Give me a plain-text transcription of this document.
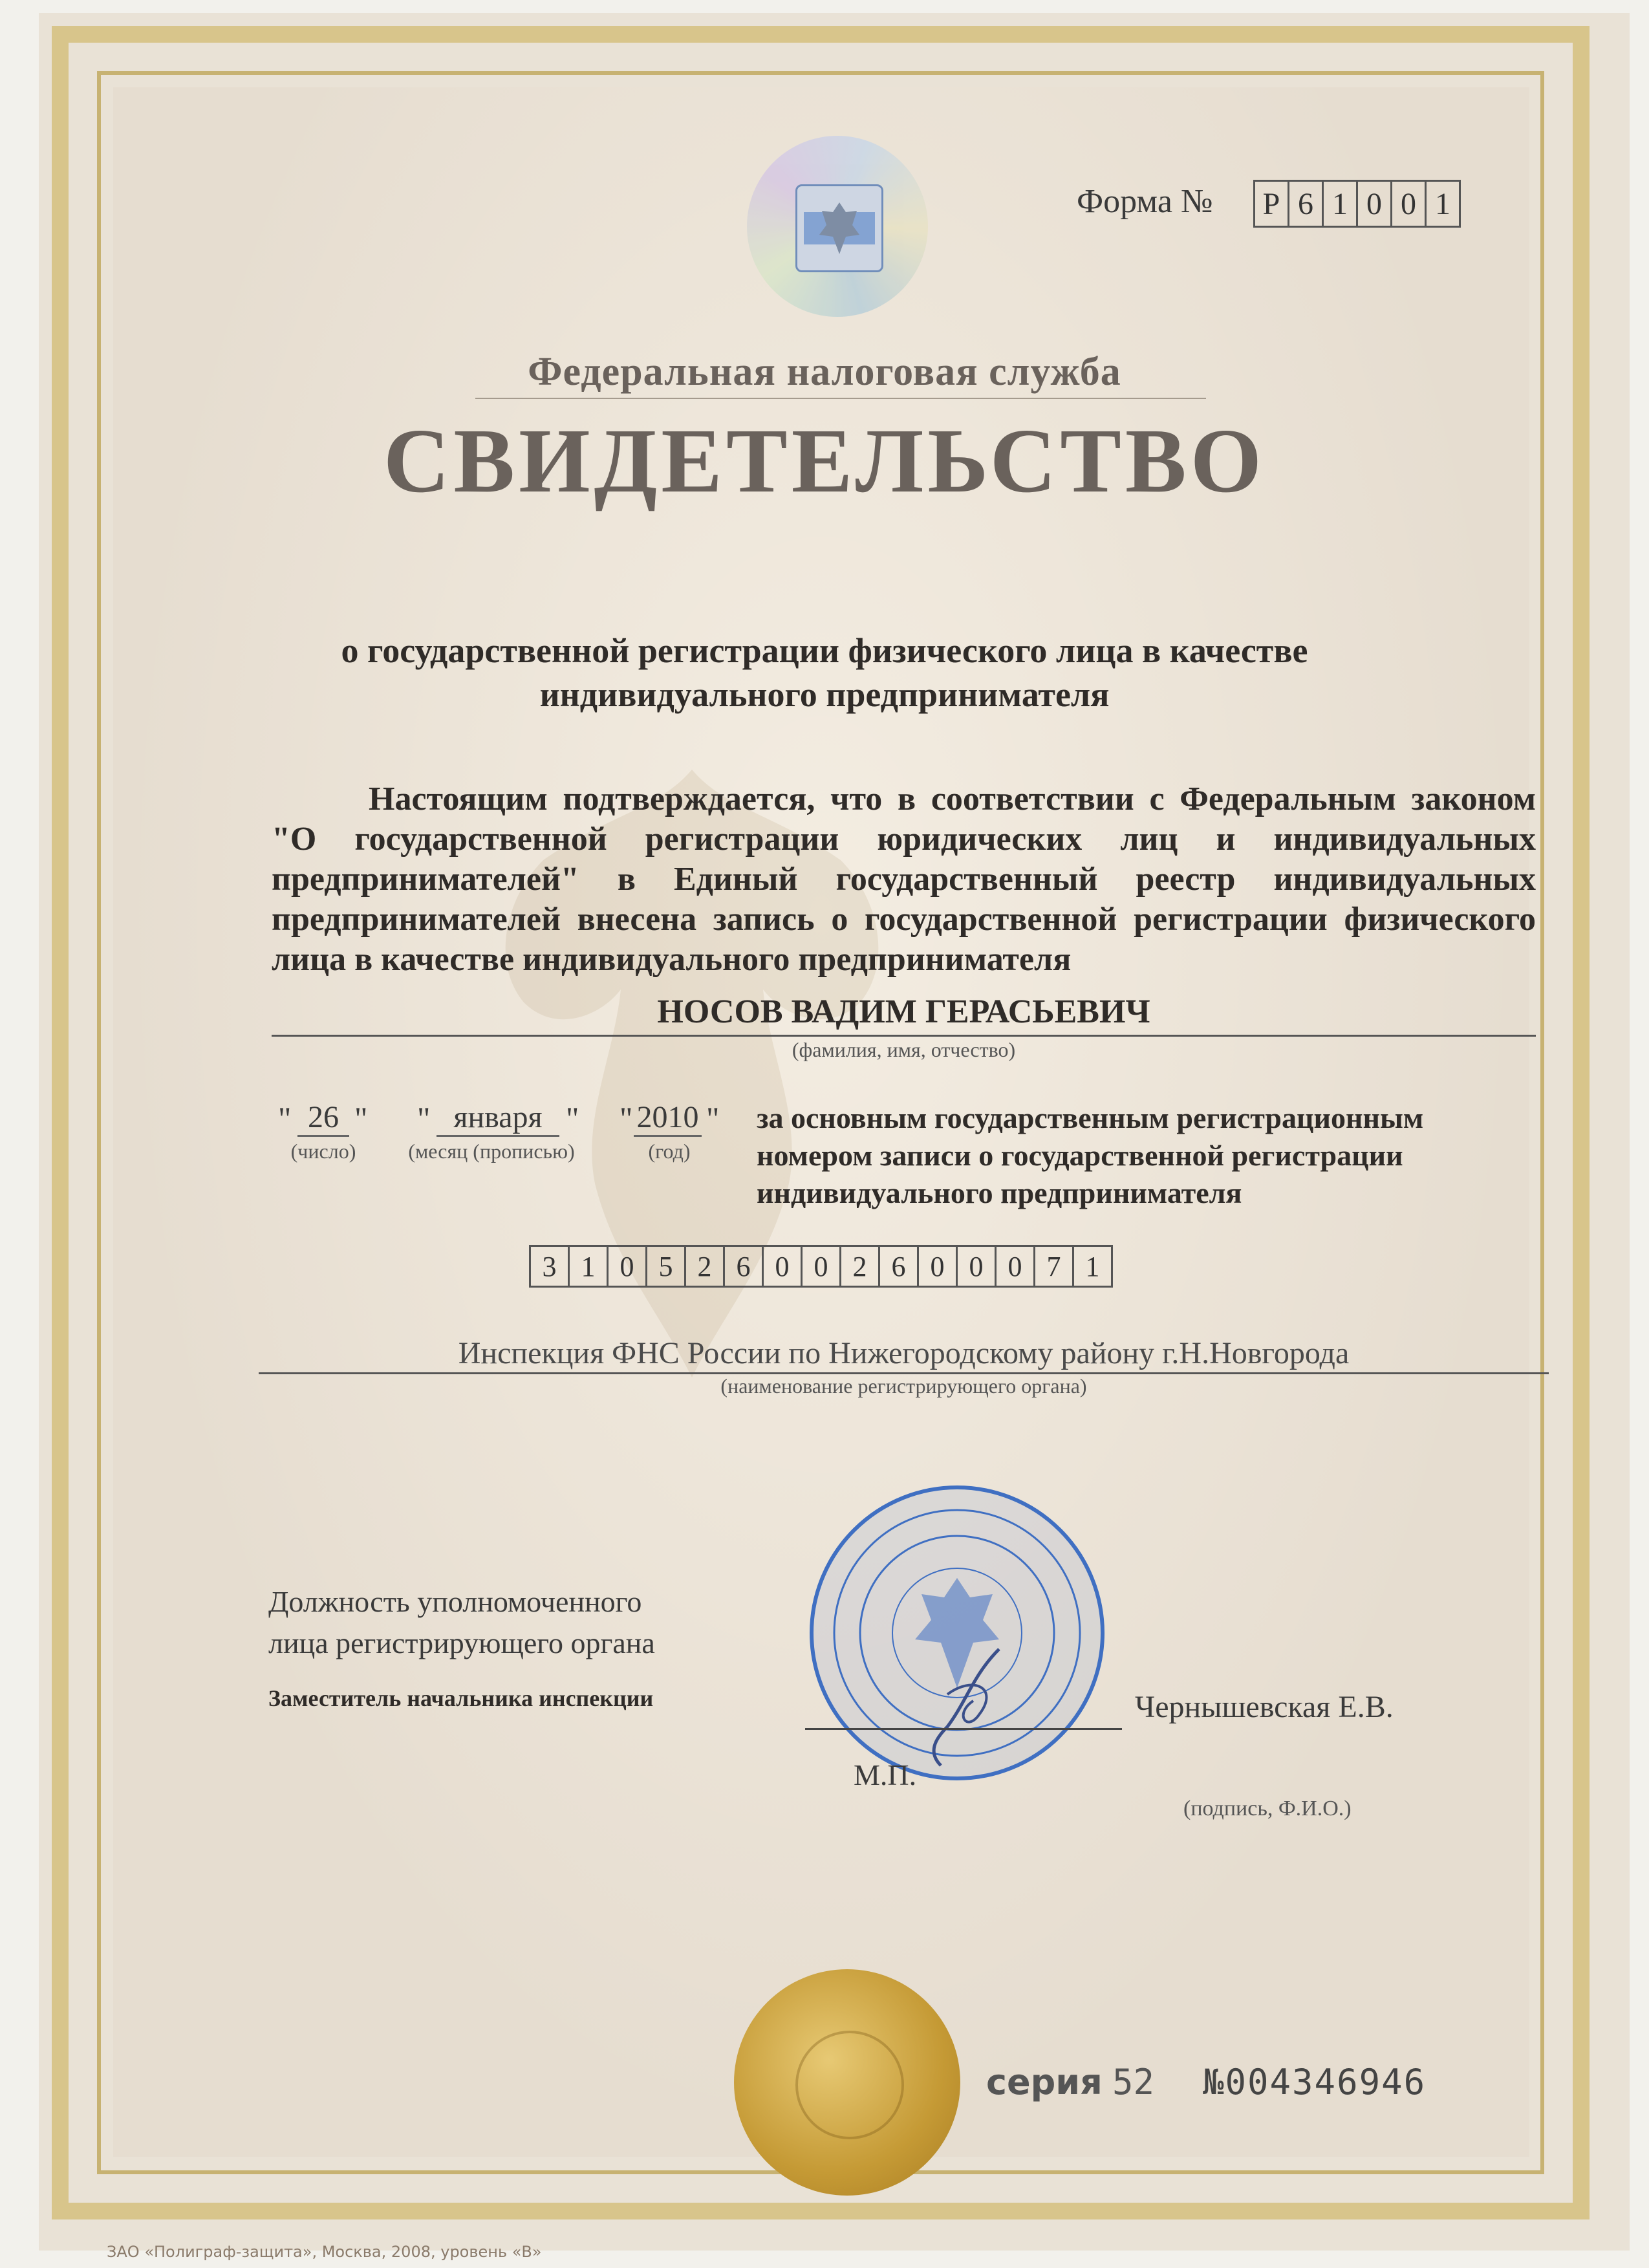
Форма №	Р 6 1 0 0 1
Федеральная налоговая служба
СВИДЕТЕЛЬСТВО
о государственной регистрации физического лица в качестве
индивидуального предпринимателя
Настоящим подтверждается, что в соответствии с Федеральным законом "О государственной регистрации юридических лиц и индивидуальных предпринимателей" в Единый государственный реестр индивидуальных предпринимателей внесена запись о государственной регистрации физического лица в качестве индивидуального предпринимателя
НОСОВ ВАДИМ ГЕРАСЬЕВИЧ
(фамилия, имя, отчество)
" 26 " " января " " 2010 "
(число)	(месяц (прописью)	(год)
за основным государственным регистрационным
номером записи о государственной регистрации
индивидуального предпринимателя
3 1 0 5 2 6 0 0 2 6 0 0 0 7 1
Инспекция ФНС России по Нижегородскому району г.Н.Новгорода
(наименование регистрирующего органа)
Должность уполномоченного
лица регистрирующего органа
Заместитель начальника инспекции	Чернышевская Е.В.
М.П.
(подпись, Ф.И.О.)
серия 52 №004346946
ЗАО «Полиграф-защита», Москва, 2008, уровень «В»
